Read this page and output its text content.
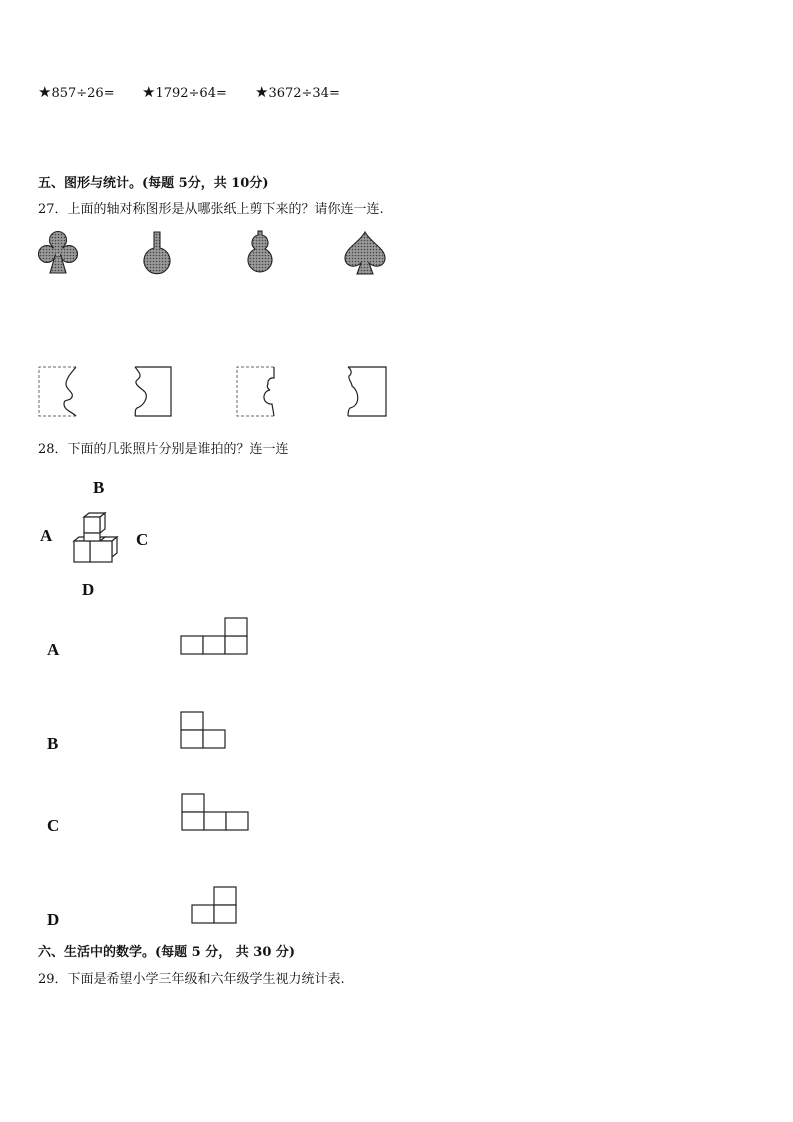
★857÷26= ★1792÷64= ★3672÷34=
五、图形与统计。(每题 5分，共 10分)
27．上面的轴对称图形是从哪张纸上剪下来的？请你连一连.
28．下面的几张照片分别是谁拍的？连一连
B
A	C
D
A
B
C
D
六、生活中的数学。(每题 5 分， 共 30 分)
29．下面是希望小学三年级和六年级学生视力统计表.
